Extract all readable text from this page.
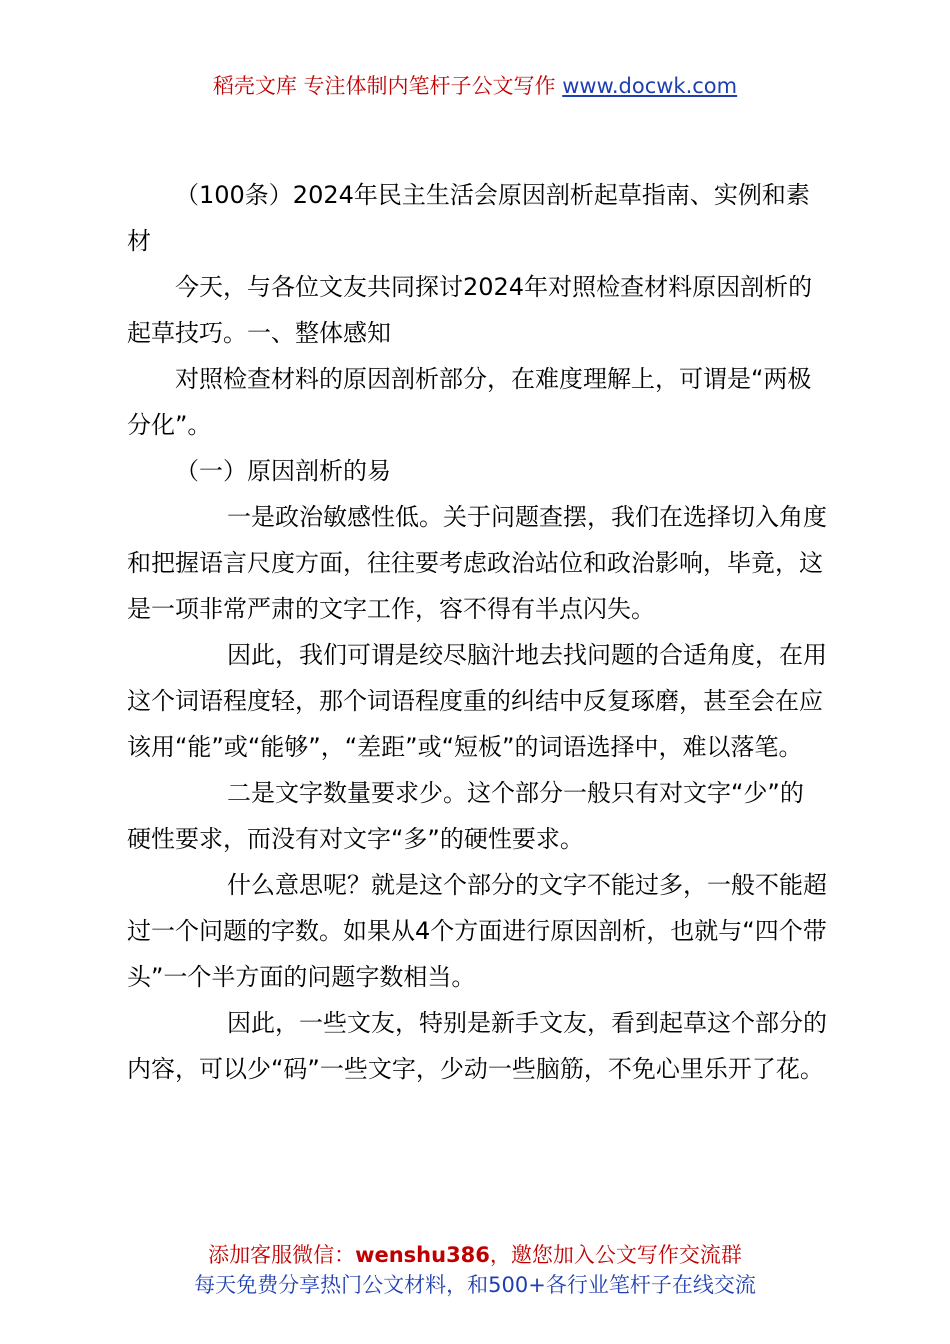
稻壳文库 专注体制内笔杆子公文写作 www.docwk.com

（100条）2024年民主生活会原因剖析起草指南、实例和素材

今天，与各位文友共同探讨2024年对照检查材料原因剖析的起草技巧。一、整体感知

对照检查材料的原因剖析部分，在难度理解上，可谓是“两极分化”。

（一）原因剖析的易

一是政治敏感性低。关于问题查摆，我们在选择切入角度和把握语言尺度方面，往往要考虑政治站位和政治影响，毕竟，这是一项非常严肃的文字工作，容不得有半点闪失。

因此，我们可谓是绞尽脑汁地去找问题的合适角度，在用这个词语程度轻，那个词语程度重的纠结中反复琢磨，甚至会在应该用“能”或“能够”，“差距”或“短板”的词语选择中，难以落笔。

二是文字数量要求少。这个部分一般只有对文字“少”的硬性要求，而没有对文字“多”的硬性要求。

什么意思呢？就是这个部分的文字不能过多，一般不能超过一个问题的字数。如果从4个方面进行原因剖析，也就与“四个带头”一个半方面的问题字数相当。

因此，一些文友，特别是新手文友，看到起草这个部分的内容，可以少“码”一些文字，少动一些脑筋，不免心里乐开了花。

添加客服微信：wenshu386，邀您加入公文写作交流群
每天免费分享热门公文材料，和500+各行业笔杆子在线交流
